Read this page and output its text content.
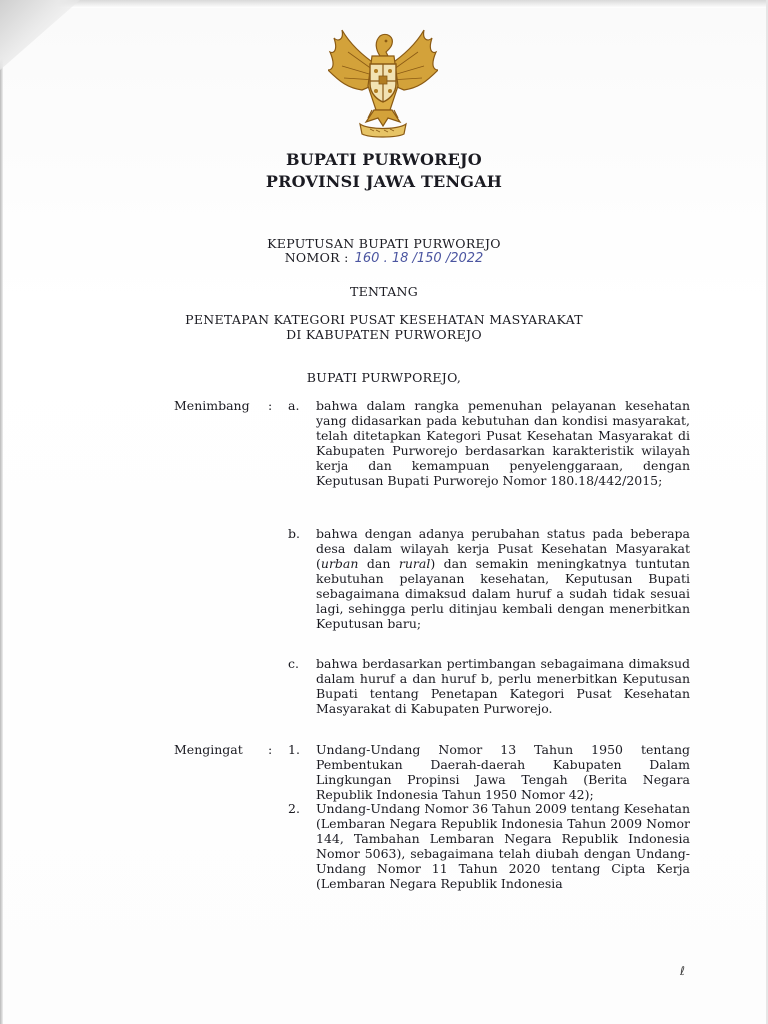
BUPATI PURWOREJO
PROVINSI JAWA TENGAH
KEPUTUSAN BUPATI PURWOREJO
NOMOR : 160 . 18 /150 /2022
TENTANG
PENETAPAN KATEGORI PUSAT KESEHATAN MASYARAKAT
DI KABUPATEN PURWOREJO
BUPATI PURWPOREJO,
Menimbang : a. bahwa dalam rangka pemenuhan pelayanan kesehatan yang didasarkan pada kebutuhan dan kondisi masyarakat, telah ditetapkan Kategori Pusat Kesehatan Masyarakat di Kabupaten Purworejo berdasarkan karakteristik wilayah kerja dan kemampuan penyelenggaraan, dengan Keputusan Bupati Purworejo Nomor 180.18/442/2015;
b. bahwa dengan adanya perubahan status pada beberapa desa dalam wilayah kerja Pusat Kesehatan Masyarakat (urban dan rural) dan semakin meningkatnya tuntutan kebutuhan pelayanan kesehatan, Keputusan Bupati sebagaimana dimaksud dalam huruf a sudah tidak sesuai lagi, sehingga perlu ditinjau kembali dengan menerbitkan Keputusan baru;
c. bahwa berdasarkan pertimbangan sebagaimana dimaksud dalam huruf a dan huruf b, perlu menerbitkan Keputusan Bupati tentang Penetapan Kategori Pusat Kesehatan Masyarakat di Kabupaten Purworejo.
Mengingat : 1. Undang-Undang Nomor 13 Tahun 1950 tentang Pembentukan Daerah-daerah Kabupaten Dalam Lingkungan Propinsi Jawa Tengah (Berita Negara Republik Indonesia Tahun 1950 Nomor 42);
2. Undang-Undang Nomor 36 Tahun 2009 tentang Kesehatan (Lembaran Negara Republik Indonesia Tahun 2009 Nomor 144, Tambahan Lembaran Negara Republik Indonesia Nomor 5063), sebagaimana telah diubah dengan Undang-Undang Nomor 11 Tahun 2020 tentang Cipta Kerja (Lembaran Negara Republik Indonesia
ℓ
